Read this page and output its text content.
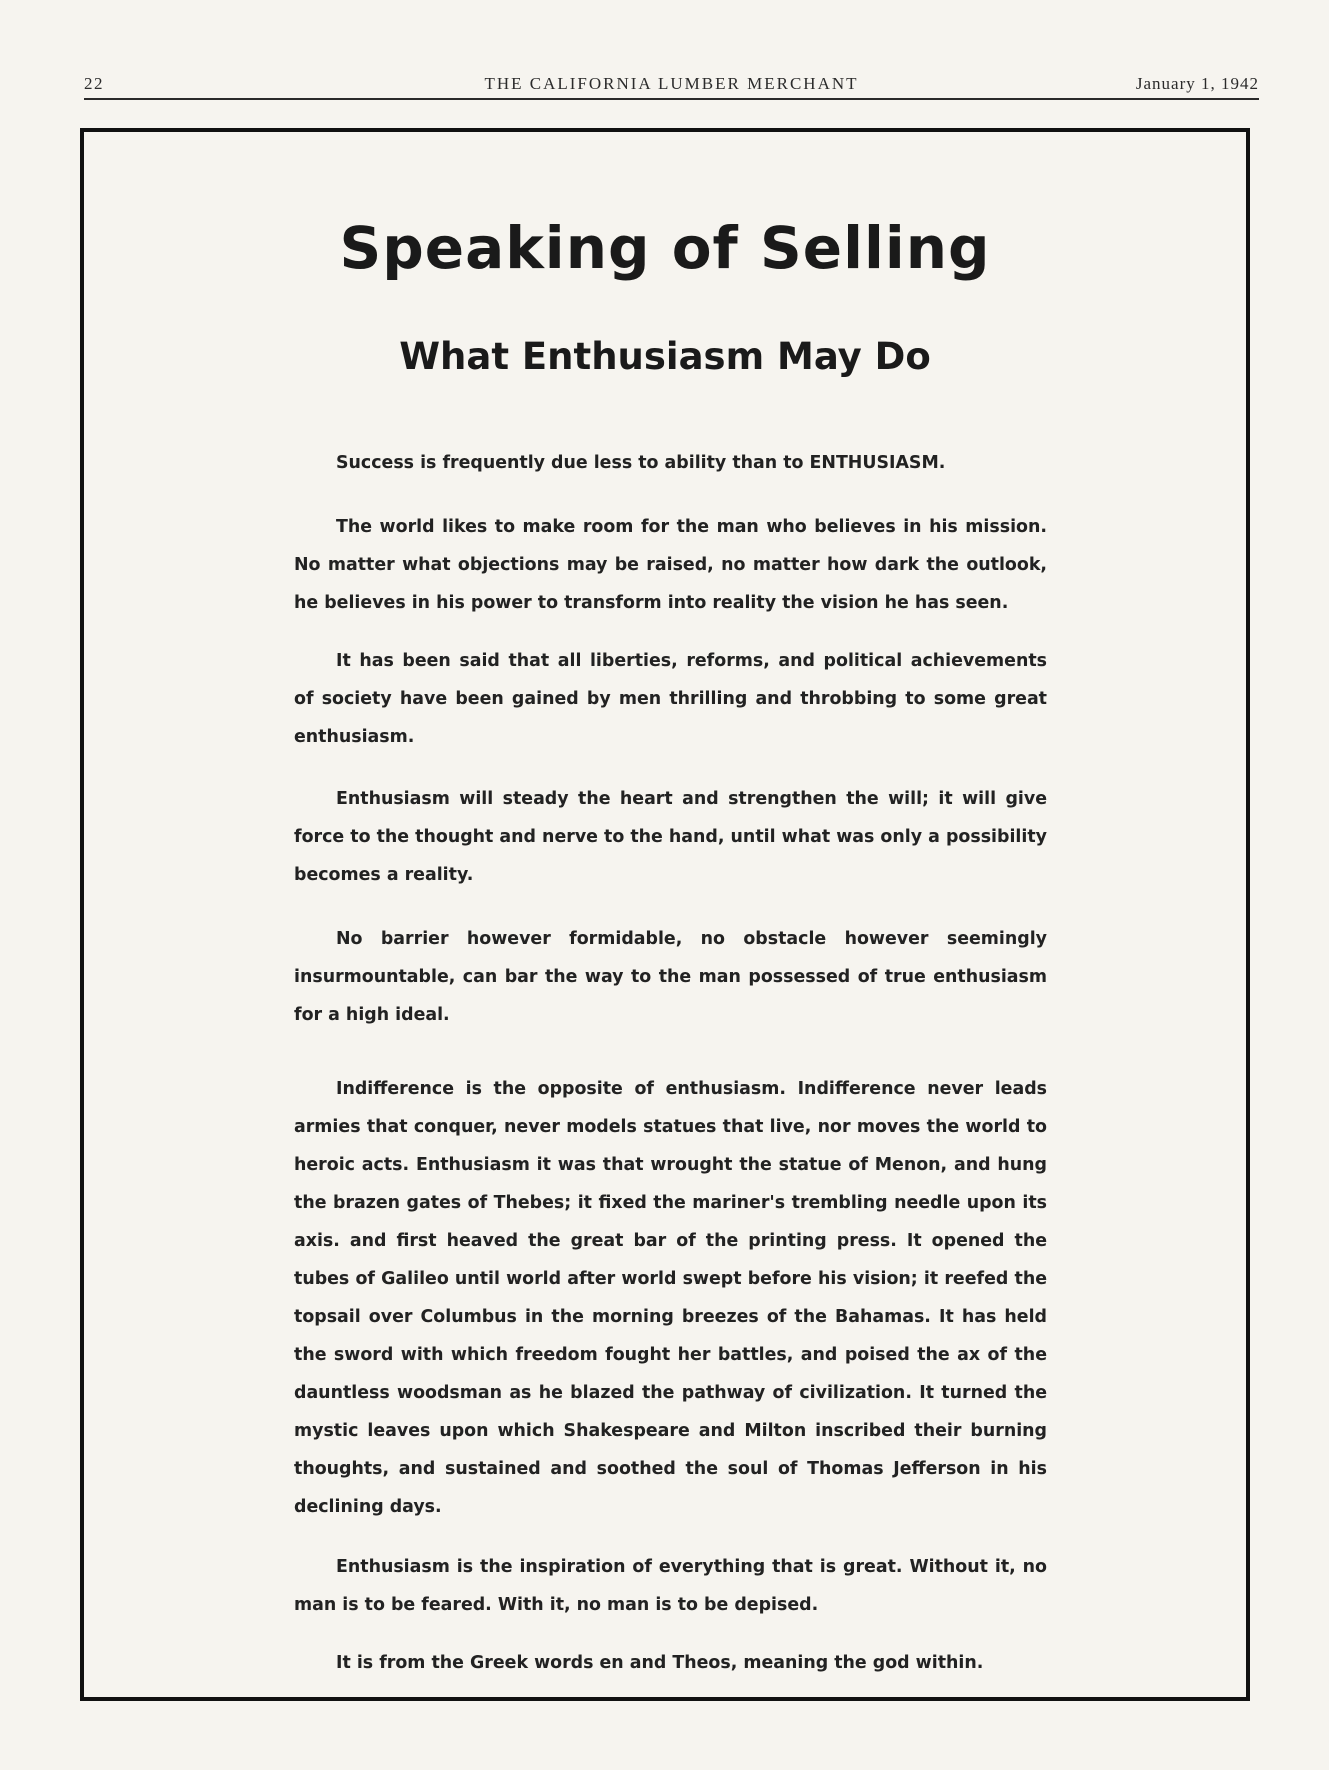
22	THE CALIFORNIA LUMBER MERCHANT	January 1, 1942
Speaking of Selling
What Enthusiasm May Do

Success is frequently due less to ability than to ENTHUSIASM.

The world likes to make room for the man who believes in his mission. No matter what objections may be raised, no matter how dark the outlook, he believes in his power to transform into reality the vision he has seen.

It has been said that all liberties, reforms, and political achievements of society have been gained by men thrilling and throbbing to some great enthusiasm.

Enthusiasm will steady the heart and strengthen the will; it will give force to the thought and nerve to the hand, until what was only a possibility becomes a reality.

No barrier however formidable, no obstacle however seemingly insurmountable, can bar the way to the man possessed of true enthusiasm for a high ideal.

Indifference is the opposite of enthusiasm. Indifference never leads armies that conquer, never models statues that live, nor moves the world to heroic acts. Enthusiasm it was that wrought the statue of Menon, and hung the brazen gates of Thebes; it fixed the mariner's trembling needle upon its axis. and first heaved the great bar of the printing press. It opened the tubes of Galileo until world after world swept before his vision; it reefed the topsail over Columbus in the morning breezes of the Bahamas. It has held the sword with which freedom fought her battles, and poised the ax of the dauntless woodsman as he blazed the pathway of civilization. It turned the mystic leaves upon which Shakespeare and Milton inscribed their burning thoughts, and sustained and soothed the soul of Thomas Jefferson in his declining days.

Enthusiasm is the inspiration of everything that is great. Without it, no man is to be feared. With it, no man is to be depised.

It is from the Greek words en and Theos, meaning the god within.
